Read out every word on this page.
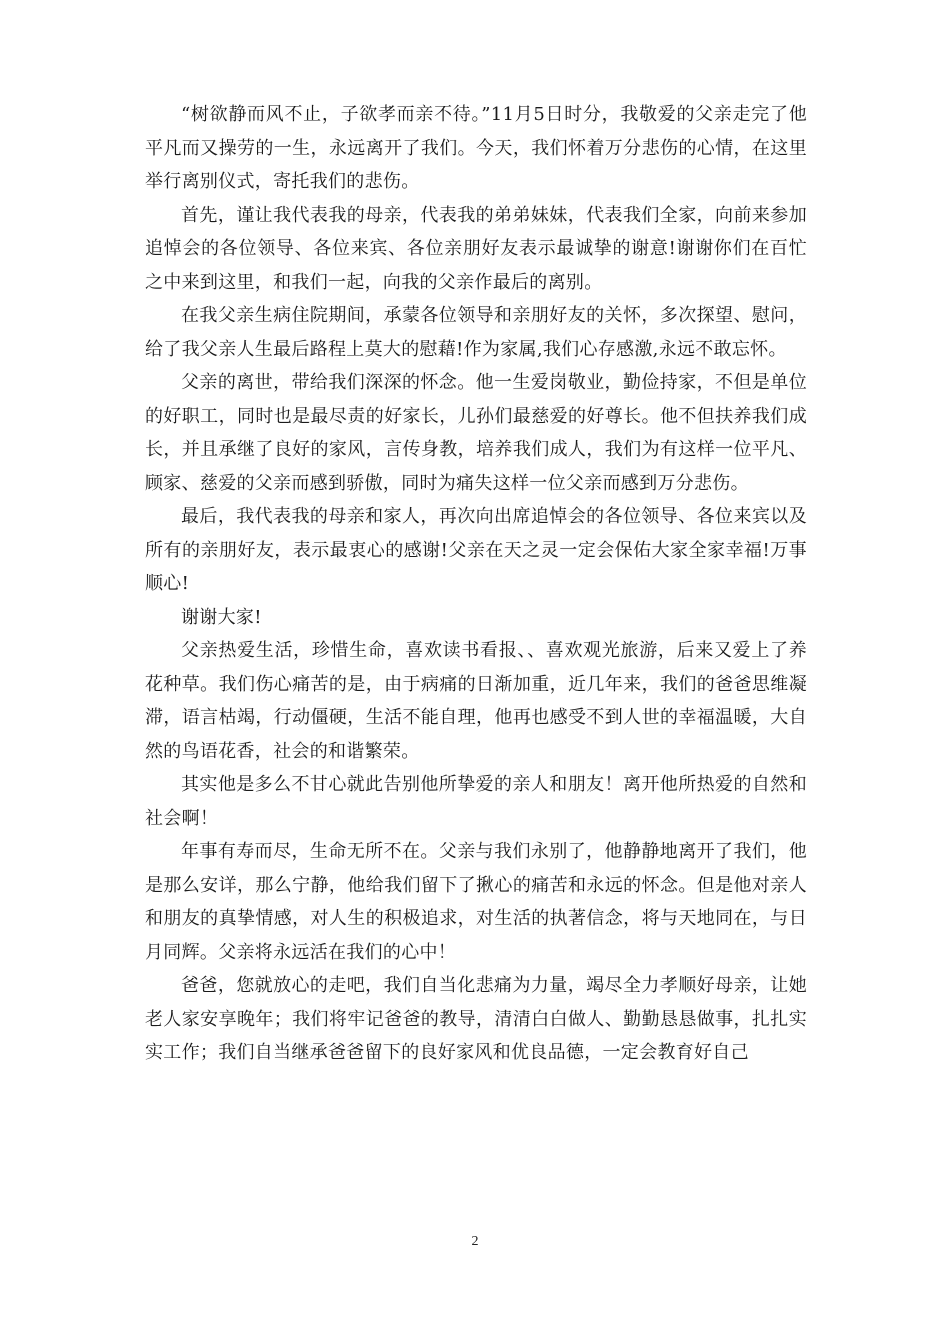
“树欲静而风不止，子欲孝而亲不待。”11月5日时分，我敬爱的父亲走完了他平凡而又操劳的一生，永远离开了我们。今天，我们怀着万分悲伤的心情，在这里举行离别仪式，寄托我们的悲伤。

首先，谨让我代表我的母亲，代表我的弟弟妹妹，代表我们全家，向前来参加追悼会的各位领导、各位来宾、各位亲朋好友表示最诚挚的谢意!谢谢你们在百忙之中来到这里，和我们一起，向我的父亲作最后的离别。

在我父亲生病住院期间，承蒙各位领导和亲朋好友的关怀，多次探望、慰问，给了我父亲人生最后路程上莫大的慰藉!作为家属,我们心存感激,永远不敢忘怀。

父亲的离世，带给我们深深的怀念。他一生爱岗敬业，勤俭持家，不但是单位的好职工，同时也是最尽责的好家长，儿孙们最慈爱的好尊长。他不但扶养我们成长，并且承继了良好的家风，言传身教，培养我们成人，我们为有这样一位平凡、顾家、慈爱的父亲而感到骄傲，同时为痛失这样一位父亲而感到万分悲伤。

最后，我代表我的母亲和家人，再次向出席追悼会的各位领导、各位来宾以及所有的亲朋好友，表示最衷心的感谢!父亲在天之灵一定会保佑大家全家幸福!万事顺心!

谢谢大家!

父亲热爱生活，珍惜生命，喜欢读书看报、、喜欢观光旅游，后来又爱上了养花种草。我们伤心痛苦的是，由于病痛的日渐加重，近几年来，我们的爸爸思维凝滞，语言枯竭，行动僵硬，生活不能自理，他再也感受不到人世的幸福温暖，大自然的鸟语花香，社会的和谐繁荣。

其实他是多么不甘心就此告别他所挚爱的亲人和朋友！离开他所热爱的自然和社会啊！

年事有寿而尽，生命无所不在。父亲与我们永别了，他静静地离开了我们，他是那么安详，那么宁静，他给我们留下了揪心的痛苦和永远的怀念。但是他对亲人和朋友的真挚情感，对人生的积极追求，对生活的执著信念，将与天地同在，与日月同辉。父亲将永远活在我们的心中！

爸爸，您就放心的走吧，我们自当化悲痛为力量，竭尽全力孝顺好母亲，让她老人家安享晚年；我们将牢记爸爸的教导，清清白白做人、勤勤恳恳做事，扎扎实实工作；我们自当继承爸爸留下的良好家风和优良品德，一定会教育好自己

2
